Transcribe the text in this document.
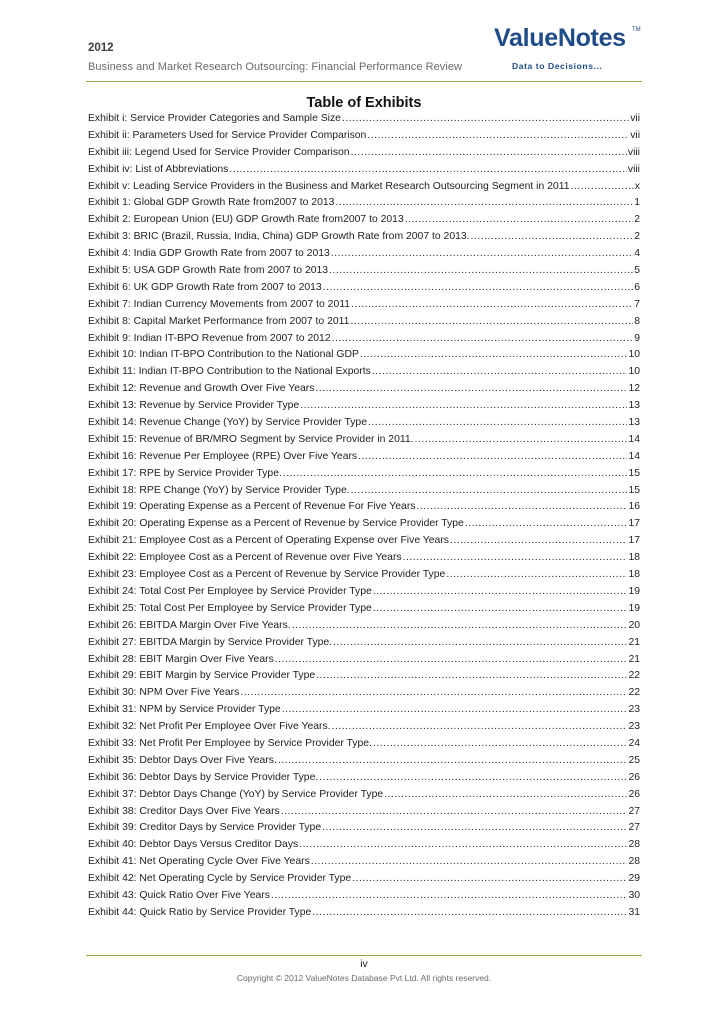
2012
Business and Market Research Outsourcing: Financial Performance Review
ValueNotes TM
Data to Decisions...
Table of Exhibits
Exhibit i: Service Provider Categories and Sample Size .....	vii
Exhibit ii: Parameters Used for Service Provider Comparison .....	vii
Exhibit iii: Legend Used for Service Provider Comparison .....	viii
Exhibit iv: List of Abbreviations .....	viii
Exhibit v: Leading Service Providers in the Business and Market Research Outsourcing Segment in 2011 .....	x
Exhibit 1: Global GDP Growth Rate from2007 to 2013 .....	1
Exhibit 2: European Union (EU) GDP Growth Rate from2007 to 2013 .....	2
Exhibit 3: BRIC (Brazil, Russia, India, China) GDP Growth Rate from 2007 to 2013. .....	2
Exhibit 4: India GDP Growth Rate from 2007 to 2013 .....	4
Exhibit 5: USA GDP Growth Rate from 2007 to 2013 .....	5
Exhibit 6: UK GDP Growth Rate from 2007 to 2013 .....	6
Exhibit 7: Indian Currency Movements from 2007 to 2011 .....	7
Exhibit 8: Capital Market Performance from 2007 to 2011 .....	8
Exhibit 9: Indian IT-BPO Revenue from 2007 to 2012 .....	9
Exhibit 10: Indian IT-BPO Contribution to the National GDP .....	10
Exhibit 11: Indian IT-BPO Contribution to the National Exports .....	10
Exhibit 12: Revenue and Growth Over Five Years .....	12
Exhibit 13: Revenue by Service Provider Type .....	13
Exhibit 14: Revenue Change (YoY) by Service Provider Type .....	13
Exhibit 15: Revenue of BR/MRO Segment by Service Provider in 2011. .....	14
Exhibit 16: Revenue Per Employee (RPE) Over Five Years .....	14
Exhibit 17: RPE by Service Provider Type. .....	15
Exhibit 18: RPE Change (YoY) by Service Provider Type. .....	15
Exhibit 19: Operating Expense as a Percent of Revenue For Five Years .....	16
Exhibit 20: Operating Expense as a Percent of Revenue by Service Provider Type .....	17
Exhibit 21: Employee Cost as a Percent of Operating Expense over Five Years .....	17
Exhibit 22: Employee Cost as a Percent of Revenue over Five Years .....	18
Exhibit 23: Employee Cost as a Percent of Revenue by Service Provider Type .....	18
Exhibit 24: Total Cost Per Employee by Service Provider Type .....	19
Exhibit 25: Total Cost Per Employee by Service Provider Type .....	19
Exhibit 26: EBITDA Margin Over Five Years. .....	20
Exhibit 27: EBITDA Margin by Service Provider Type. .....	21
Exhibit 28: EBIT Margin Over Five Years .....	21
Exhibit 29: EBIT Margin by Service Provider Type .....	22
Exhibit 30: NPM Over Five Years .....	22
Exhibit 31: NPM by Service Provider Type .....	23
Exhibit 32: Net Profit Per Employee Over Five Years. .....	23
Exhibit 33: Net Profit Per Employee by Service Provider Type. .....	24
Exhibit 35: Debtor Days Over Five Years. .....	25
Exhibit 36: Debtor Days by Service Provider Type. .....	26
Exhibit 37: Debtor Days Change (YoY) by Service Provider Type .....	26
Exhibit 38: Creditor Days Over Five Years .....	27
Exhibit 39: Creditor Days by Service Provider Type .....	27
Exhibit 40: Debtor Days Versus Creditor Days .....	28
Exhibit 41: Net Operating Cycle Over Five Years .....	28
Exhibit 42: Net Operating Cycle by Service Provider Type .....	29
Exhibit 43: Quick Ratio Over Five Years .....	30
Exhibit 44: Quick Ratio by Service Provider Type .....	31
iv
Copyright © 2012 ValueNotes Database Pvt Ltd. All rights reserved.
